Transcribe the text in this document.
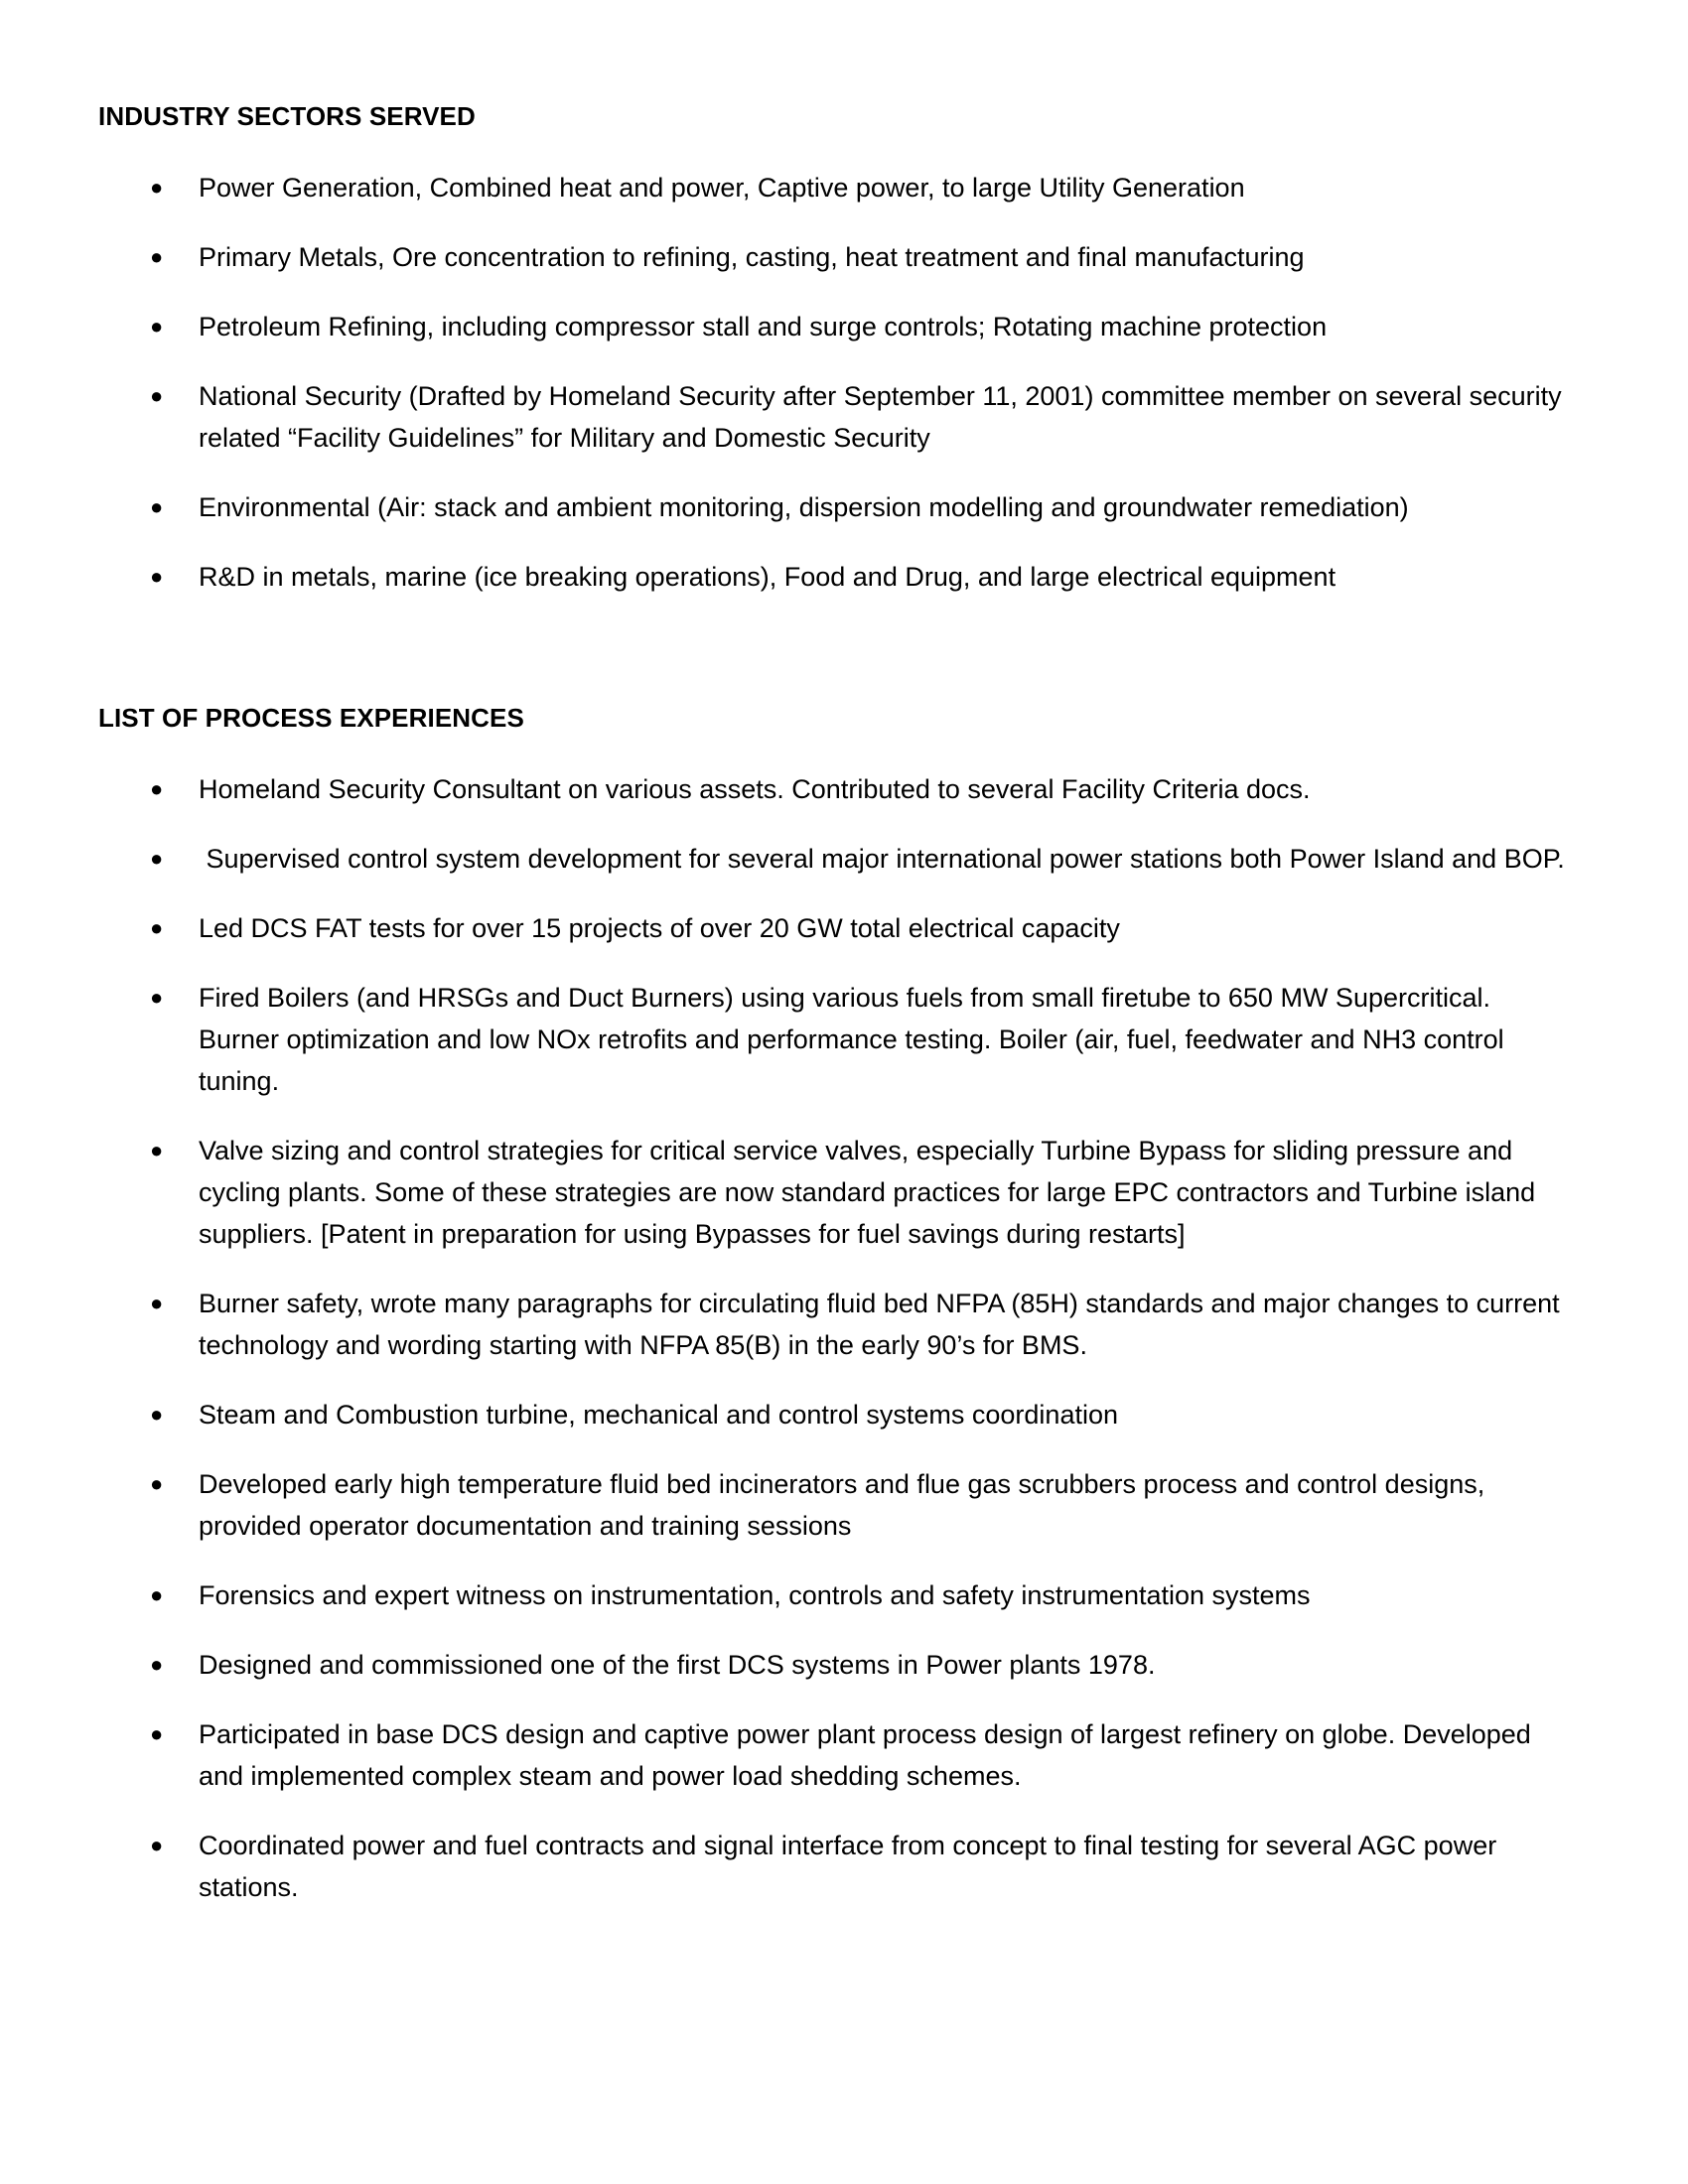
INDUSTRY SECTORS SERVED
● Power Generation, Combined heat and power, Captive power, to large Utility Generation
● Primary Metals, Ore concentration to refining, casting, heat treatment and final manufacturing
● Petroleum Refining, including compressor stall and surge controls; Rotating machine protection
● National Security (Drafted by Homeland Security after September 11, 2001) committee member on several security related “Facility Guidelines” for Military and Domestic Security
● Environmental (Air: stack and ambient monitoring, dispersion modelling and groundwater remediation)
● R&D in metals, marine (ice breaking operations), Food and Drug, and large electrical equipment
LIST OF PROCESS EXPERIENCES
● Homeland Security Consultant on various assets. Contributed to several Facility Criteria docs.
● Supervised control system development for several major international power stations both Power Island and BOP.
● Led DCS FAT tests for over 15 projects of over 20 GW total electrical capacity
● Fired Boilers (and HRSGs and Duct Burners) using various fuels from small firetube to 650 MW Supercritical. Burner optimization and low NOx retrofits and performance testing. Boiler (air, fuel, feedwater and NH3 control tuning.
● Valve sizing and control strategies for critical service valves, especially Turbine Bypass for sliding pressure and cycling plants. Some of these strategies are now standard practices for large EPC contractors and Turbine island suppliers. [Patent in preparation for using Bypasses for fuel savings during restarts]
● Burner safety, wrote many paragraphs for circulating fluid bed NFPA (85H) standards and major changes to current technology and wording starting with NFPA 85(B) in the early 90’s for BMS.
● Steam and Combustion turbine, mechanical and control systems coordination
● Developed early high temperature fluid bed incinerators and flue gas scrubbers process and control designs, provided operator documentation and training sessions
● Forensics and expert witness on instrumentation, controls and safety instrumentation systems
● Designed and commissioned one of the first DCS systems in Power plants 1978.
● Participated in base DCS design and captive power plant process design of largest refinery on globe. Developed and implemented complex steam and power load shedding schemes.
● Coordinated power and fuel contracts and signal interface from concept to final testing for several AGC power stations.
